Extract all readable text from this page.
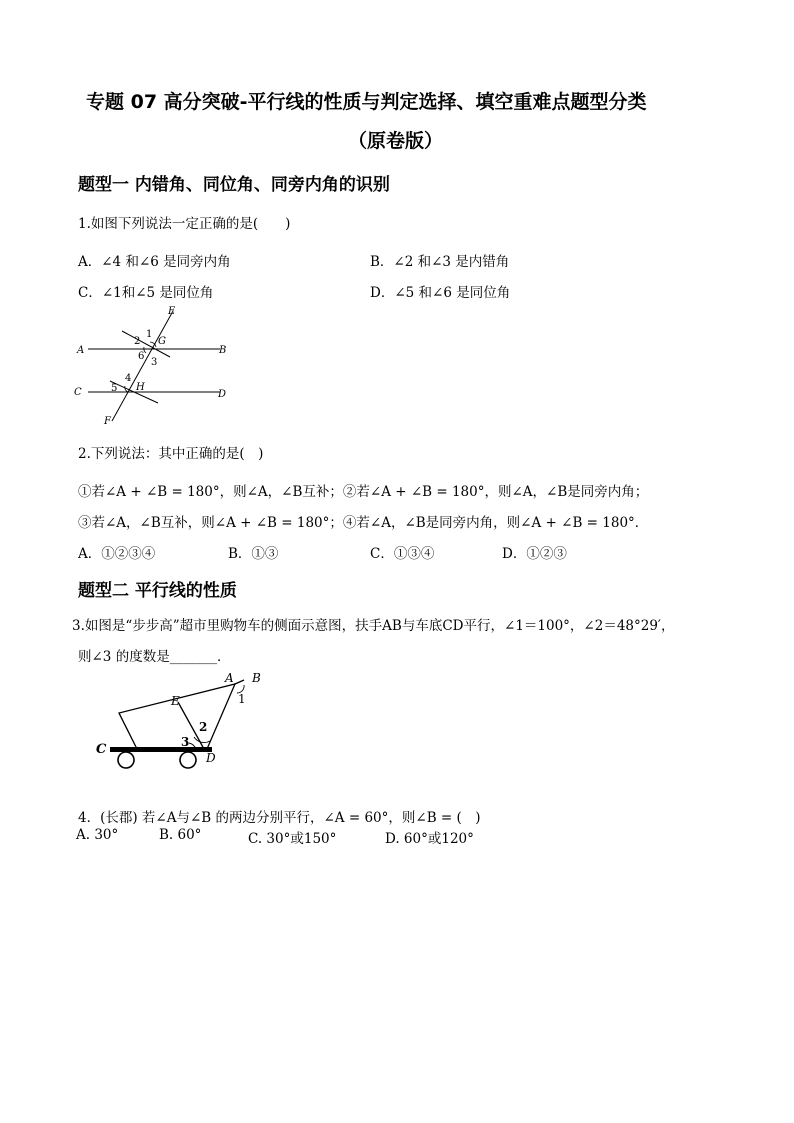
专题 07 高分突破-平行线的性质与判定选择、填空重难点题型分类
（原卷版）
题型一 内错角、同位角、同旁内角的识别
1.如图下列说法一定正确的是(　　)
A．∠4 和∠6 是同旁内角	B．∠2 和∠3 是内错角
C．∠1和∠5 是同位角	D．∠5 和∠6 是同位角
E
1
2 G
A	B
6
3
4
H
5
C	D
F
2.下列说法：其中正确的是(　)
①若∠A + ∠B = 180°，则∠A，∠B互补；②若∠A + ∠B = 180°，则∠A，∠B是同旁内角；
③若∠A，∠B互补，则∠A + ∠B = 180°；④若∠A，∠B是同旁内角，则∠A + ∠B = 180°．
A．①②③④	B．①③	C．①③④	D．①②③
题型二 平行线的性质
3.如图是“步步高”超市里购物车的侧面示意图，扶手AB与车底CD平行，∠1＝100°，∠2＝48°29′，
则∠3 的度数是_______．
A B
1
E
2
3
C
D
4．(长郡) 若∠A与∠B 的两边分别平行，∠A = 60°，则∠B = (　)
A. 30°	B. 60°	C. 30°或150°	D. 60°或120°
